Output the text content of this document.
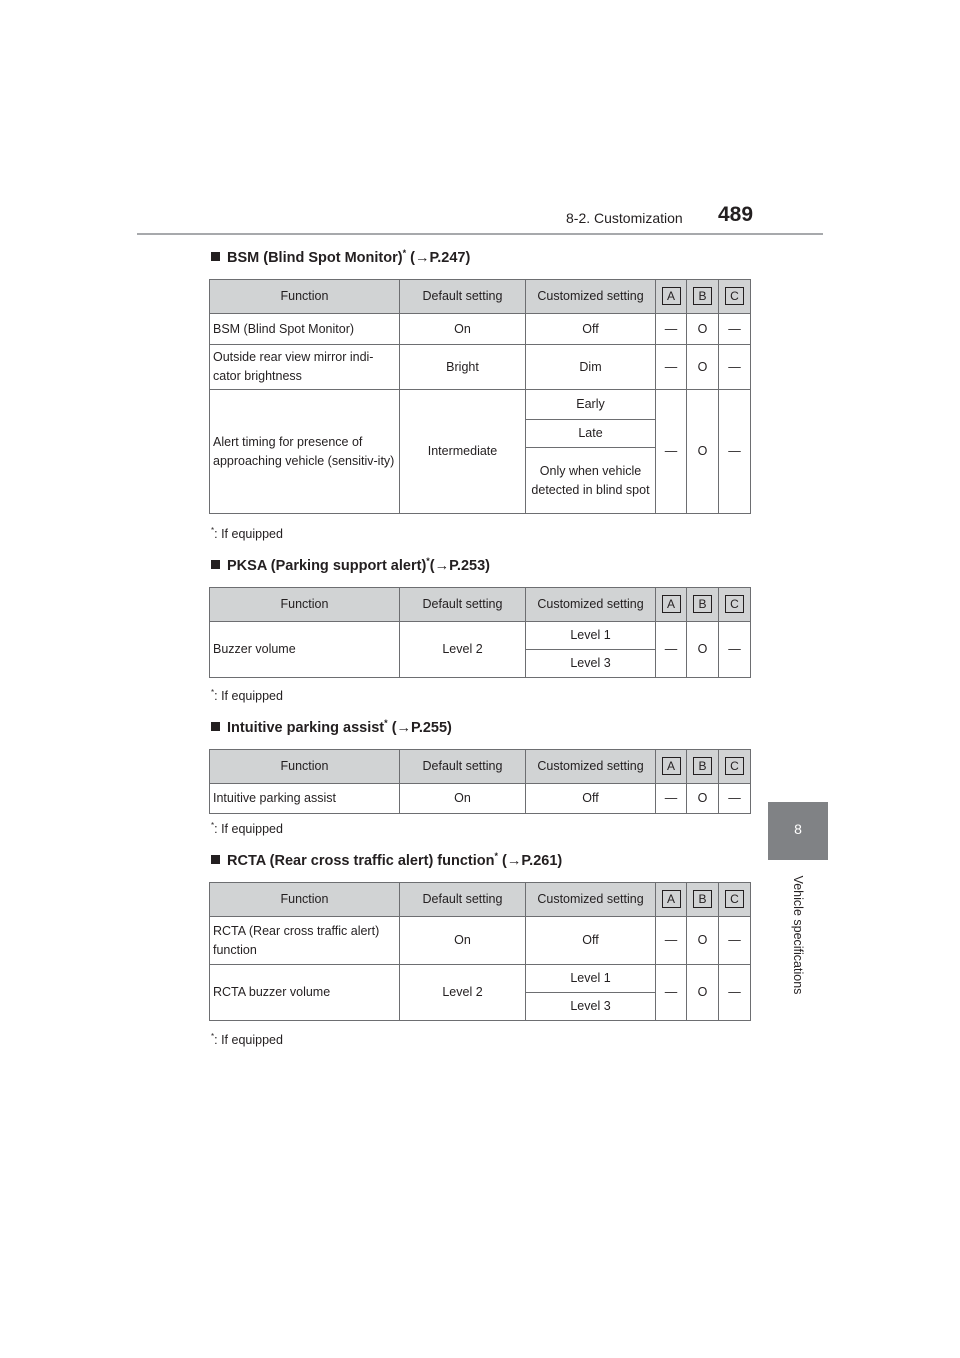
8-2. Customization 489
8
Vehicle specifications
BSM (Blind Spot Monitor)* (→P.247)
Function	Default setting	Customized setting	A	B	C
BSM (Blind Spot Monitor)	On	Off	—	O	—
Outside rear view mirror indi-cator brightness	Bright	Dim	—	O	—
Alert timing for presence of approaching vehicle (sensitiv-ity)	Intermediate	Early	—	O	—
		Late			
		Only when vehicle detected in blind spot			
*: If equipped
PKSA (Parking support alert)*(→P.253)
Function	Default setting	Customized setting	A	B	C
Buzzer volume	Level 2	Level 1	—	O	—
		Level 3			
*: If equipped
Intuitive parking assist* (→P.255)
Function	Default setting	Customized setting	A	B	C
Intuitive parking assist	On	Off	—	O	—
*: If equipped
RCTA (Rear cross traffic alert) function* (→P.261)
Function	Default setting	Customized setting	A	B	C
RCTA (Rear cross traffic alert) function	On	Off	—	O	—
RCTA buzzer volume	Level 2	Level 1	—	O	—
		Level 3			
*: If equipped
